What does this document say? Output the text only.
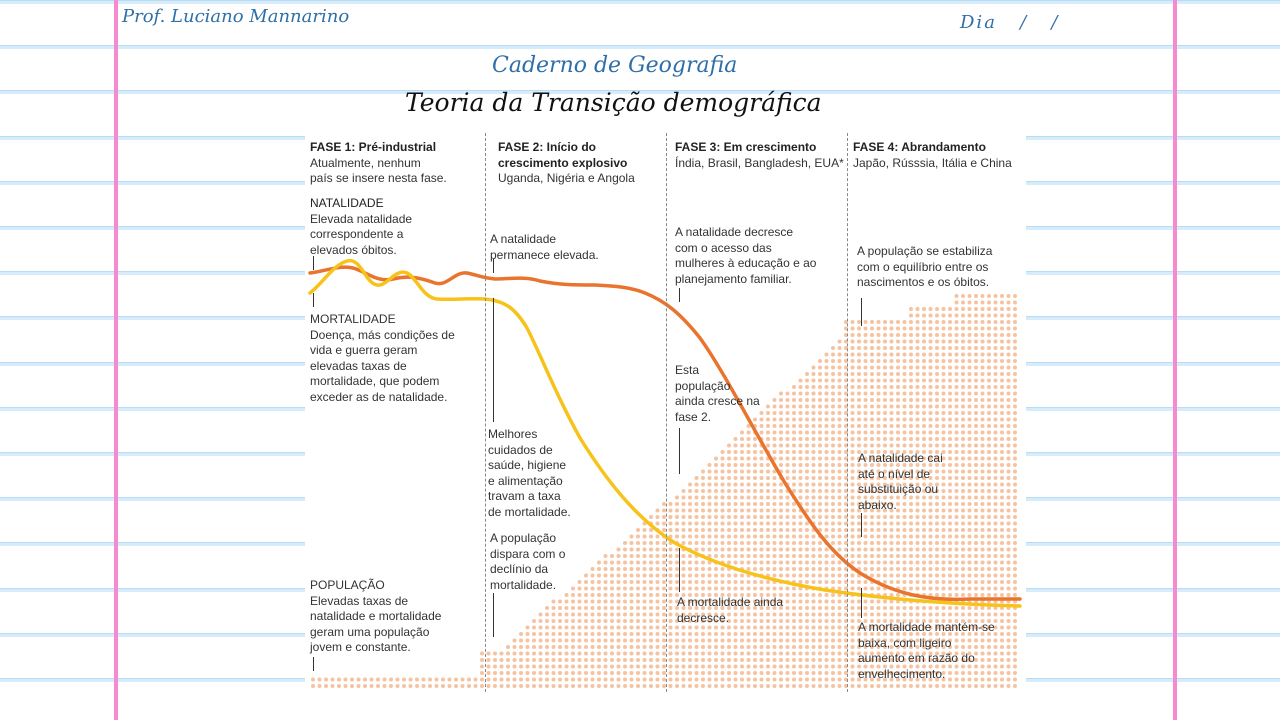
Prof. Luciano Mannarino	Dia   /   /
Caderno de Geografia
Teoria da Transição demográfica
FASE 1: Pré-industrial
Atualmente, nenhum
país se insere nesta fase.
FASE 2: Início do
crescimento explosivo
Uganda, Nigéria e Angola
FASE 3: Em crescimento
Índia, Brasil, Bangladesh, EUA*
FASE 4: Abrandamento
Japão, Rússsia, Itália e China
NATALIDADE
Elevada natalidade
correspondente a
elevados óbitos.
MORTALIDADE
Doença, más condições de
vida e guerra geram
elevadas taxas de
mortalidade, que podem
exceder as de natalidade.
POPULAÇÃO
Elevadas taxas de
natalidade e mortalidade
geram uma população
jovem e constante.
A natalidade
permanece elevada.
Melhores
cuidados de
saúde, higiene
e alimentação
travam a taxa
de mortalidade.
A população
dispara com o
declínio da
mortalidade.
A natalidade decresce
com o acesso das
mulheres à educação e ao
planejamento familiar.
Esta
população
ainda cresce na
fase 2.
A mortalidade ainda
decresce.
A população se estabiliza
com o equilíbrio entre os
nascimentos e os óbitos.
A natalidade cai
até o nível de
substituição ou
abaixo.
A mortalidade mantém-se
baixa, com ligeiro
aumento em razão do
envelhecimento.
